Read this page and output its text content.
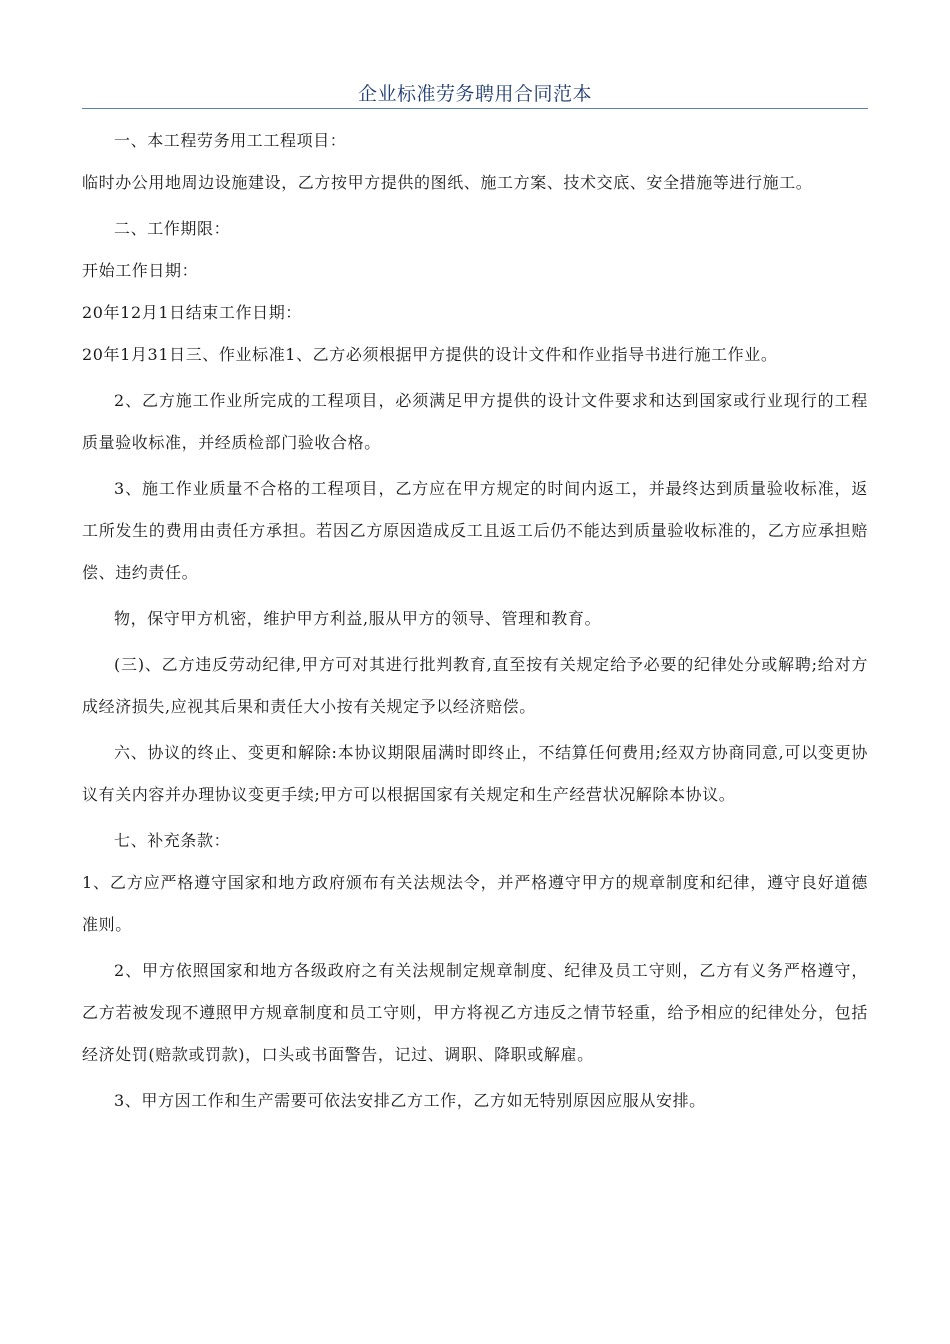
企业标准劳务聘用合同范本

一、本工程劳务用工工程项目：

临时办公用地周边设施建设，乙方按甲方提供的图纸、施工方案、技术交底、安全措施等进行施工。

二、工作期限：

开始工作日期：

20年12月1日结束工作日期：

20年1月31日三、作业标准1、乙方必须根据甲方提供的设计文件和作业指导书进行施工作业。

2、乙方施工作业所完成的工程项目，必须满足甲方提供的设计文件要求和达到国家或行业现行的工程质量验收标准，并经质检部门验收合格。

3、施工作业质量不合格的工程项目，乙方应在甲方规定的时间内返工，并最终达到质量验收标准，返工所发生的费用由责任方承担。若因乙方原因造成反工且返工后仍不能达到质量验收标准的，乙方应承担赔偿、违约责任。

物，保守甲方机密，维护甲方利益,服从甲方的领导、管理和教育。

(三)、乙方违反劳动纪律,甲方可对其进行批判教育,直至按有关规定给予必要的纪律处分或解聘;给对方成经济损失,应视其后果和责任大小按有关规定予以经济赔偿。

六、协议的终止、变更和解除:本协议期限届满时即终止，不结算任何费用;经双方协商同意,可以变更协议有关内容并办理协议变更手续;甲方可以根据国家有关规定和生产经营状况解除本协议。

七、补充条款：

1、乙方应严格遵守国家和地方政府颁布有关法规法令，并严格遵守甲方的规章制度和纪律，遵守良好道德准则。

2、甲方依照国家和地方各级政府之有关法规制定规章制度、纪律及员工守则，乙方有义务严格遵守，乙方若被发现不遵照甲方规章制度和员工守则，甲方将视乙方违反之情节轻重，给予相应的纪律处分，包括经济处罚(赔款或罚款)，口头或书面警告，记过、调职、降职或解雇。

3、甲方因工作和生产需要可依法安排乙方工作，乙方如无特别原因应服从安排。
